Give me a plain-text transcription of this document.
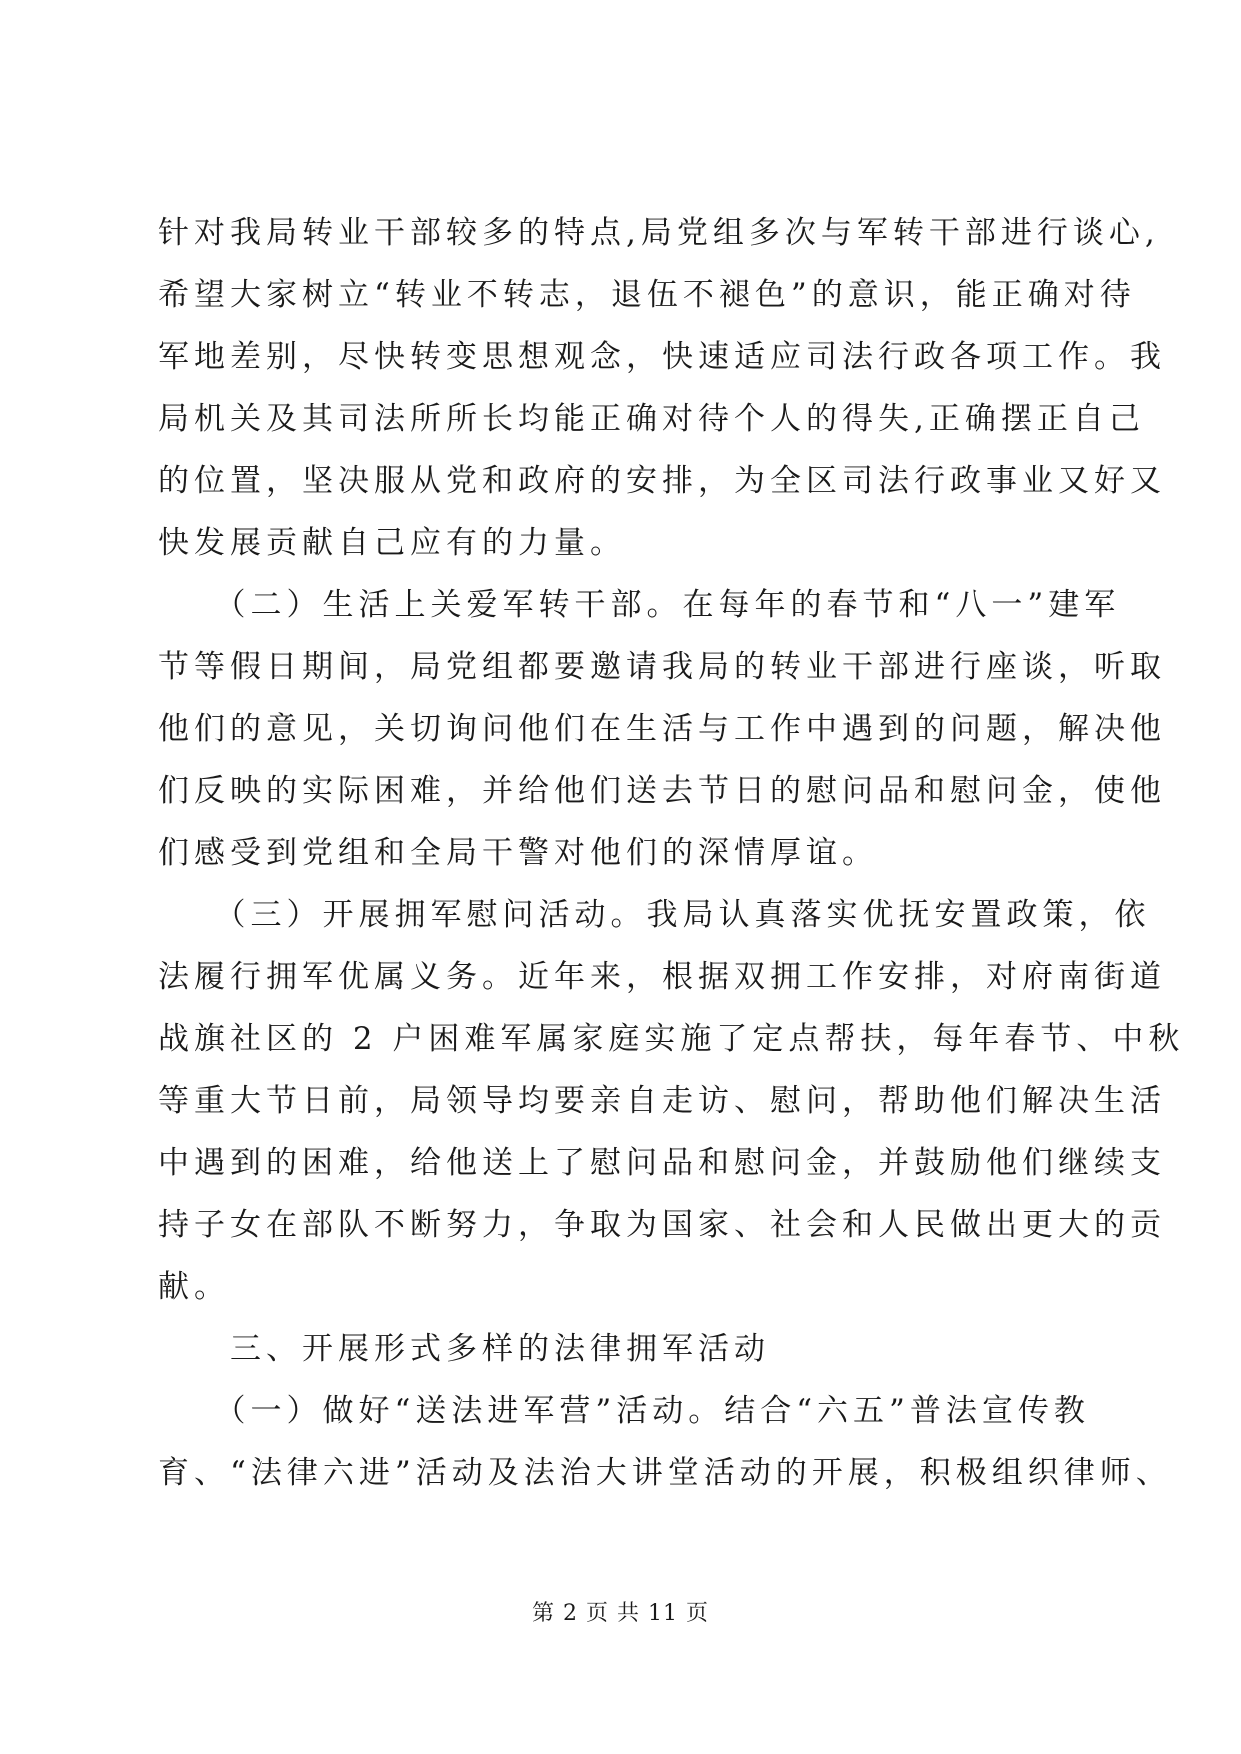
针对我局转业干部较多的特点,局党组多次与军转干部进行谈心,
希望大家树立“转业不转志，退伍不褪色”的意识，能正确对待
军地差别，尽快转变思想观念，快速适应司法行政各项工作。我
局机关及其司法所所长均能正确对待个人的得失,正确摆正自己
的位置，坚决服从党和政府的安排，为全区司法行政事业又好又
快发展贡献自己应有的力量。
　　（二）生活上关爱军转干部。在每年的春节和“八一”建军
节等假日期间，局党组都要邀请我局的转业干部进行座谈，听取
他们的意见，关切询问他们在生活与工作中遇到的问题，解决他
们反映的实际困难，并给他们送去节日的慰问品和慰问金，使他
们感受到党组和全局干警对他们的深情厚谊。
　　（三）开展拥军慰问活动。我局认真落实优抚安置政策，依
法履行拥军优属义务。近年来，根据双拥工作安排，对府南街道
战旗社区的 2 户困难军属家庭实施了定点帮扶，每年春节、中秋
等重大节日前，局领导均要亲自走访、慰问，帮助他们解决生活
中遇到的困难，给他送上了慰问品和慰问金，并鼓励他们继续支
持子女在部队不断努力，争取为国家、社会和人民做出更大的贡
献。
　　三、开展形式多样的法律拥军活动
　　（一）做好“送法进军营”活动。结合“六五”普法宣传教
育、“法律六进”活动及法治大讲堂活动的开展，积极组织律师、
第 2 页 共 11 页
